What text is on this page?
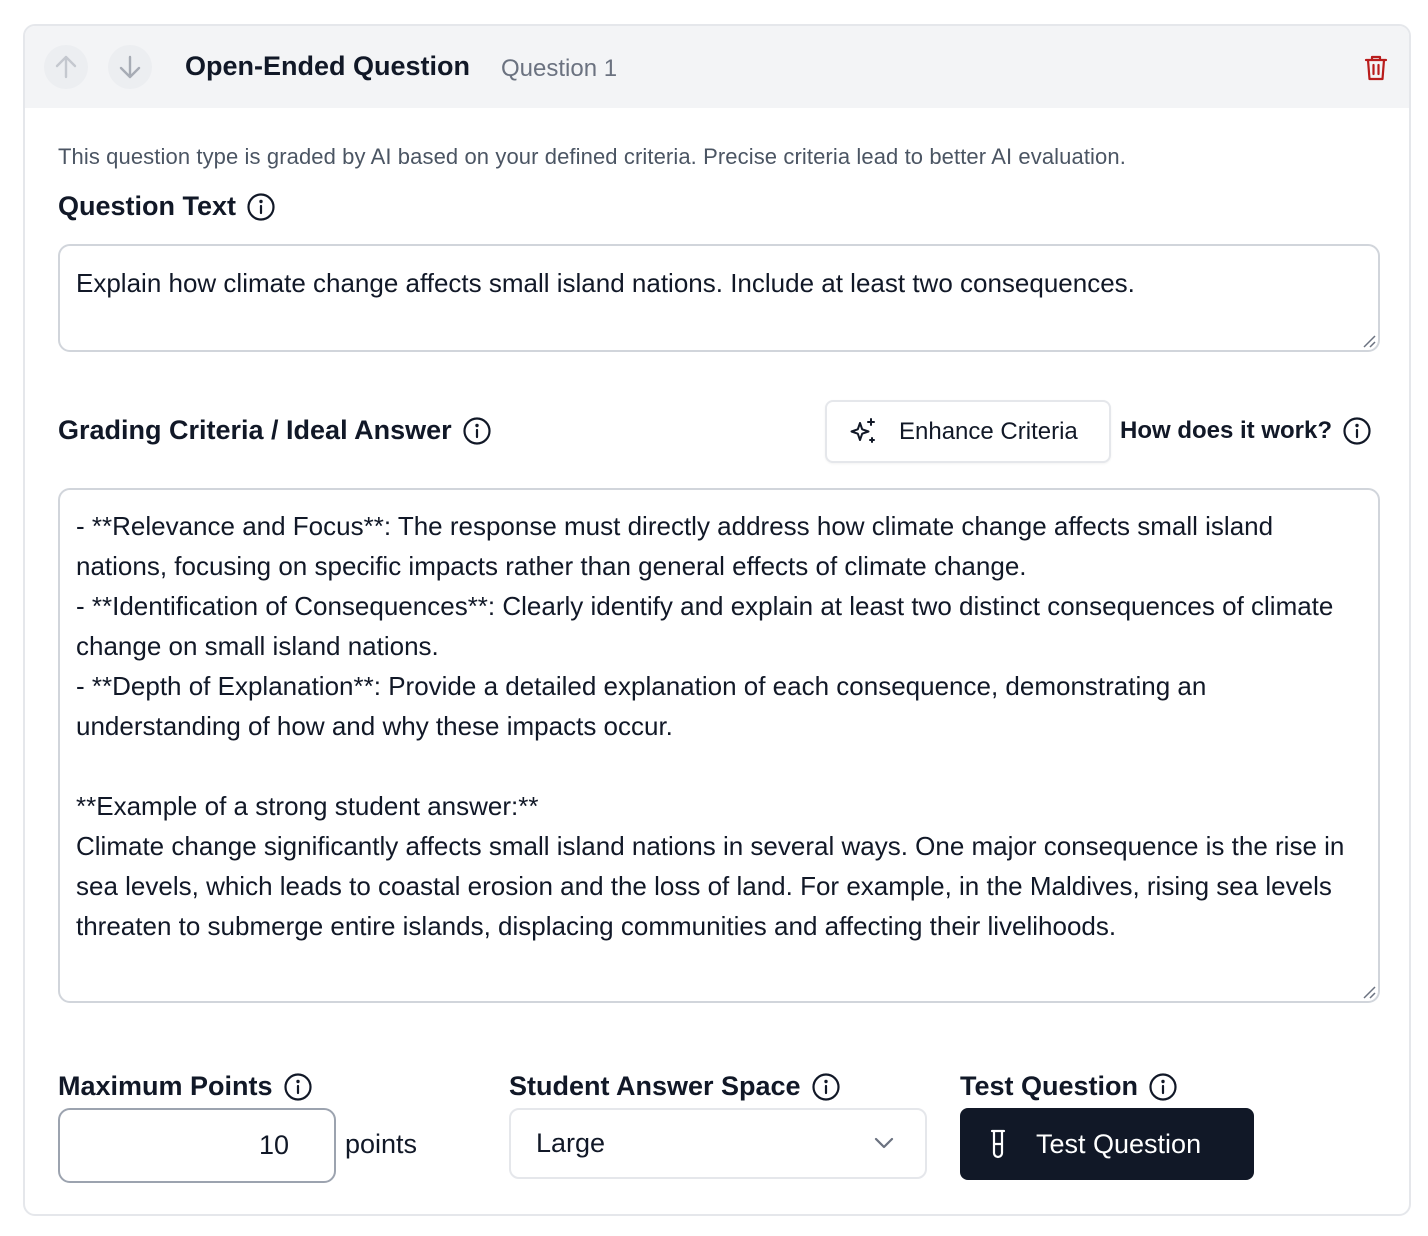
Open-Ended Question Question 1
This question type is graded by AI based on your defined criteria. Precise criteria lead to better AI evaluation.
Question Text
Explain how climate change affects small island nations. Include at least two consequences.
Grading Criteria / Ideal Answer	Enhance Criteria How does it work?
- **Relevance and Focus**: The response must directly address how climate change affects small island nations, focusing on specific impacts rather than general effects of climate change.
- **Identification of Consequences**: Clearly identify and explain at least two distinct consequences of climate change on small island nations.
- **Depth of Explanation**: Provide a detailed explanation of each consequence, demonstrating an understanding of how and why these impacts occur.

**Example of a strong student answer:**
Climate change significantly affects small island nations in several ways. One major consequence is the rise in sea levels, which leads to coastal erosion and the loss of land. For example, in the Maldives, rising sea levels threaten to submerge entire islands, displacing communities and affecting their livelihoods.
Maximum Points
10	points
Student Answer Space
Large
Test Question
Test Question
